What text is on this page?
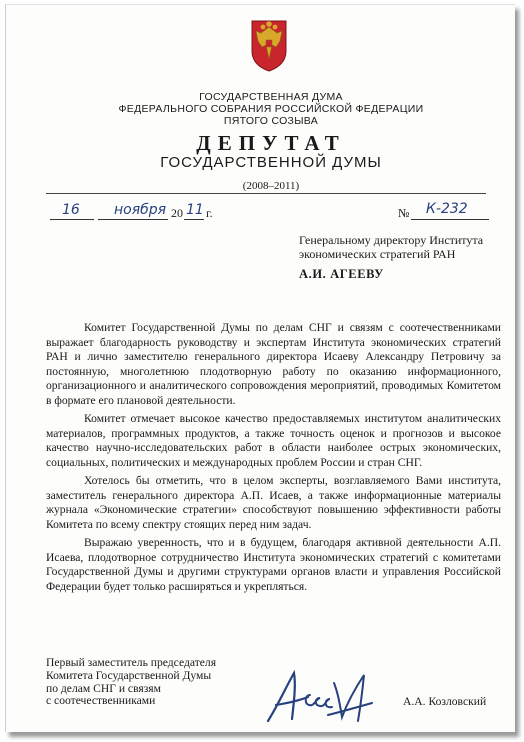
ГОСУДАРСТВЕННАЯ ДУМА
ФЕДЕРАЛЬНОГО СОБРАНИЯ РОССИЙСКОЙ ФЕДЕРАЦИИ
ПЯТОГО СОЗЫВА
ДЕПУТАТ
ГОСУДАРСТВЕННОЙ ДУМЫ
(2008–2011)
16 ноября 20 11 г.	№ К-232
Генеральному директору Института
экономических стратегий РАН
А.И. АГЕЕВУ

Комитет Государственной Думы по делам СНГ и связям с соотечественниками выражает благодарность руководству и экспертам Института экономических стратегий РАН и лично заместителю генерального директора Исаеву Александру Петровичу за постоянную, многолетнюю плодотворную работу по оказанию информационного, организационного и аналитического сопровождения мероприятий, проводимых Комитетом в формате его плановой деятельности.

Комитет отмечает высокое качество предоставляемых институтом аналитических материалов, программных продуктов, а также точность оценок и прогнозов и высокое качество научно-исследовательских работ в области наиболее острых экономических, социальных, политических и международных проблем России и стран СНГ.

Хотелось бы отметить, что в целом эксперты, возглавляемого Вами института, заместитель генерального директора А.П. Исаев, а также информационные материалы журнала «Экономические стратегии» способствуют повышению эффективности работы Комитета по всему спектру стоящих перед ним задач.

Выражаю уверенность, что и в будущем, благодаря активной деятельности А.П. Исаева, плодотворное сотрудничество Института экономических стратегий с комитетами Государственной Думы и другими структурами органов власти и управления Российской Федерации будет только расширяться и укрепляться.

Первый заместитель председателя
Комитета Государственной Думы
по делам СНГ и связям
с соотечественниками	А.А. Козловский
